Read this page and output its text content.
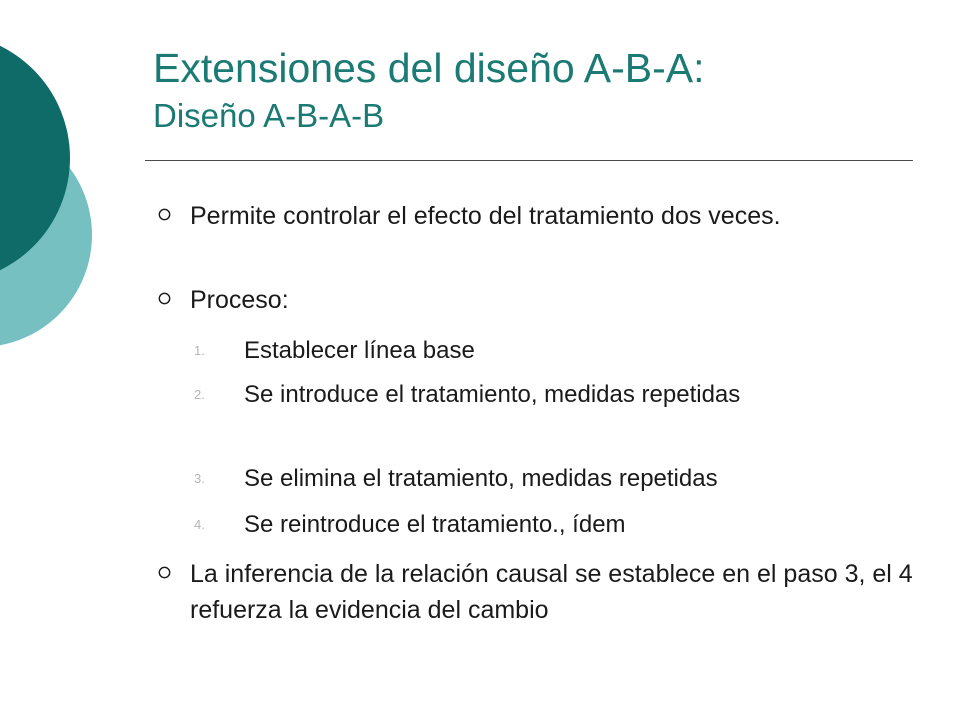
Extensiones del diseño A-B-A:
Diseño A-B-A-B
Permite controlar el efecto del tratamiento dos veces.
Proceso:
1. Establecer línea base
2. Se introduce el tratamiento, medidas repetidas
3. Se elimina el tratamiento, medidas repetidas
4. Se reintroduce el tratamiento., ídem
La inferencia de la relación causal se establece en el paso 3, el 4 refuerza la evidencia del cambio
